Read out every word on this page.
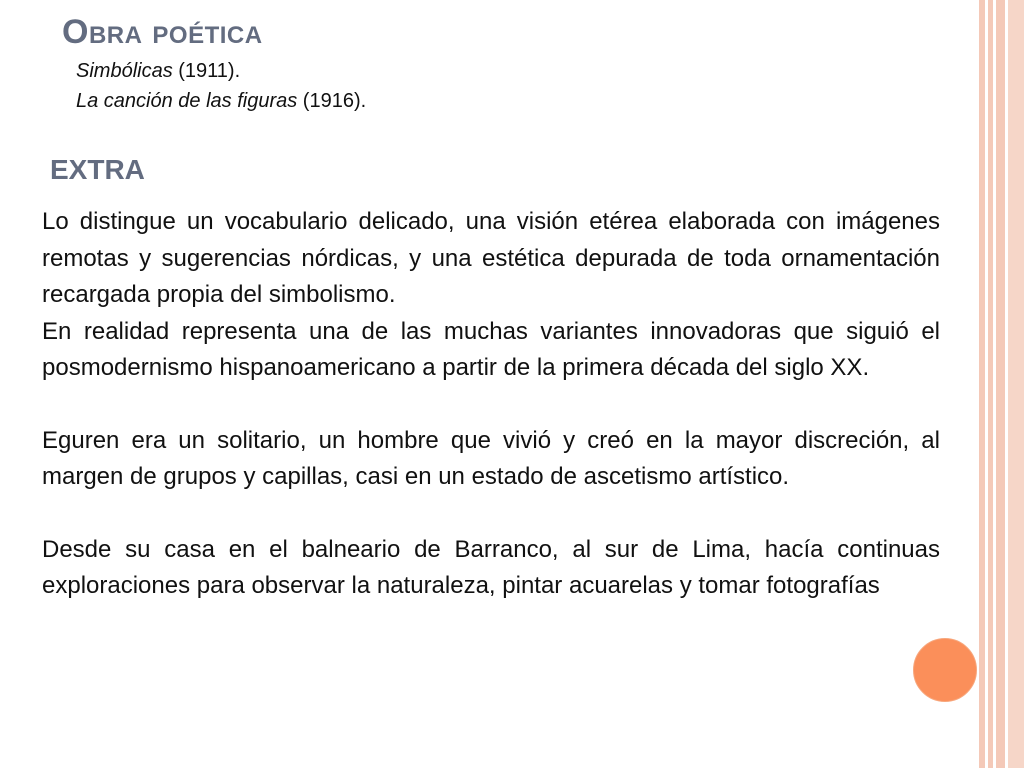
Obra poética
Simbólicas (1911).
La canción de las figuras (1916).
EXTRA

Lo distingue un vocabulario delicado, una visión etérea elaborada con imágenes remotas y sugerencias nórdicas, y una estética depurada de toda ornamentación recargada propia del simbolismo.

En realidad representa una de las muchas variantes innovadoras que siguió el posmodernismo hispanoamericano a partir de la primera década del siglo XX.

Eguren era un solitario, un hombre que vivió y creó en la mayor discreción, al margen de grupos y capillas, casi en un estado de ascetismo artístico.

Desde su casa en el balneario de Barranco, al sur de Lima, hacía continuas exploraciones para observar la naturaleza, pintar acuarelas y tomar fotografías
